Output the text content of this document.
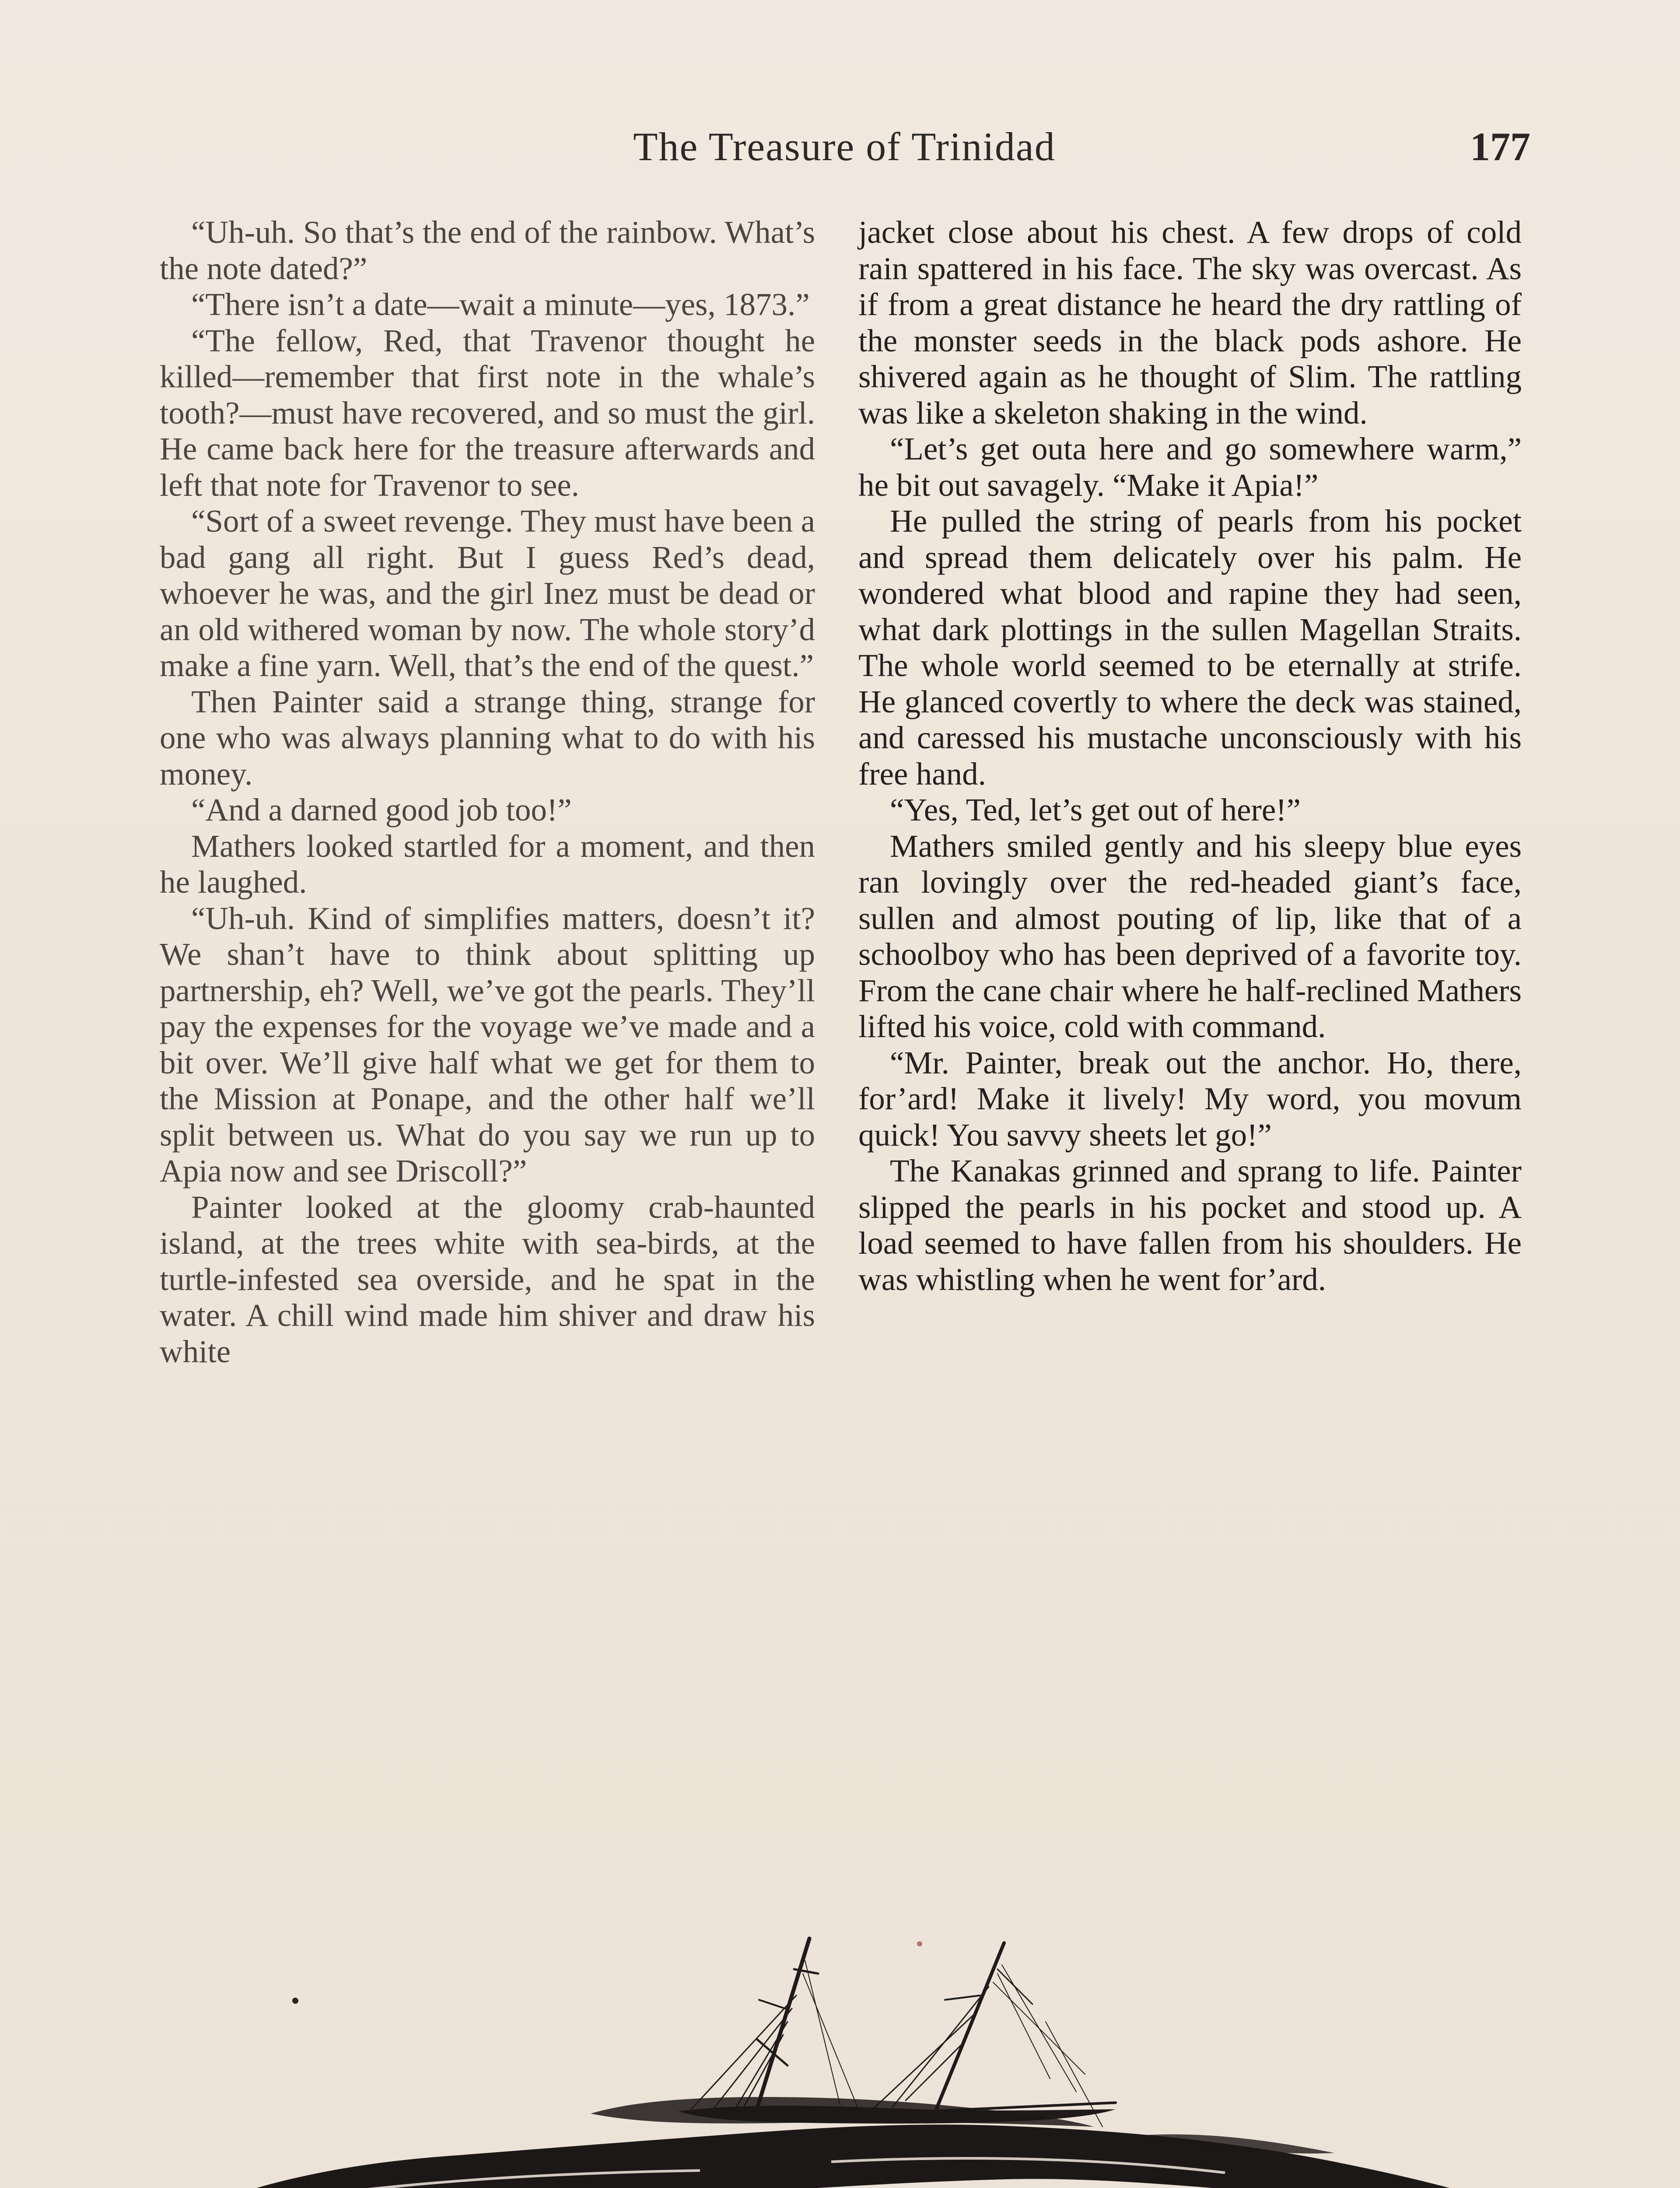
The Treasure of Trinidad	177

“Uh-uh. So that’s the end of the rainbow. What’s the note dated?”

“There isn’t a date—wait a minute—yes, 1873.”

“The fellow, Red, that Travenor thought he killed—remember that first note in the whale’s tooth?—must have recovered, and so must the girl. He came back here for the treasure afterwards and left that note for Travenor to see.

“Sort of a sweet revenge. They must have been a bad gang all right. But I guess Red’s dead, whoever he was, and the girl Inez must be dead or an old withered woman by now. The whole story’d make a fine yarn. Well, that’s the end of the quest.”

Then Painter said a strange thing, strange for one who was always planning what to do with his money.

“And a darned good job too!”

Mathers looked startled for a moment, and then he laughed.

“Uh-uh. Kind of simplifies matters, doesn’t it? We shan’t have to think about splitting up partnership, eh? Well, we’ve got the pearls. They’ll pay the expenses for the voyage we’ve made and a bit over. We’ll give half what we get for them to the Mission at Ponape, and the other half we’ll split between us. What do you say we run up to Apia now and see Driscoll?”

Painter looked at the gloomy crab-haunted island, at the trees white with sea-birds, at the turtle-infested sea overside, and he spat in the water. A chill wind made him shiver and draw his white

jacket close about his chest. A few drops of cold rain spattered in his face. The sky was overcast. As if from a great distance he heard the dry rattling of the monster seeds in the black pods ashore. He shivered again as he thought of Slim. The rattling was like a skeleton shaking in the wind.

“Let’s get outa here and go somewhere warm,” he bit out savagely. “Make it Apia!”

He pulled the string of pearls from his pocket and spread them delicately over his palm. He wondered what blood and rapine they had seen, what dark plottings in the sullen Magellan Straits. The whole world seemed to be eternally at strife. He glanced covertly to where the deck was stained, and caressed his mustache unconsciously with his free hand.

“Yes, Ted, let’s get out of here!”

Mathers smiled gently and his sleepy blue eyes ran lovingly over the red-headed giant’s face, sullen and almost pouting of lip, like that of a schoolboy who has been deprived of a favorite toy. From the cane chair where he half-reclined Mathers lifted his voice, cold with command.

“Mr. Painter, break out the anchor. Ho, there, for’ard! Make it lively! My word, you movum quick! You savvy sheets let go!”

The Kanakas grinned and sprang to life. Painter slipped the pearls in his pocket and stood up. A load seemed to have fallen from his shoulders. He was whistling when he went for’ard.
